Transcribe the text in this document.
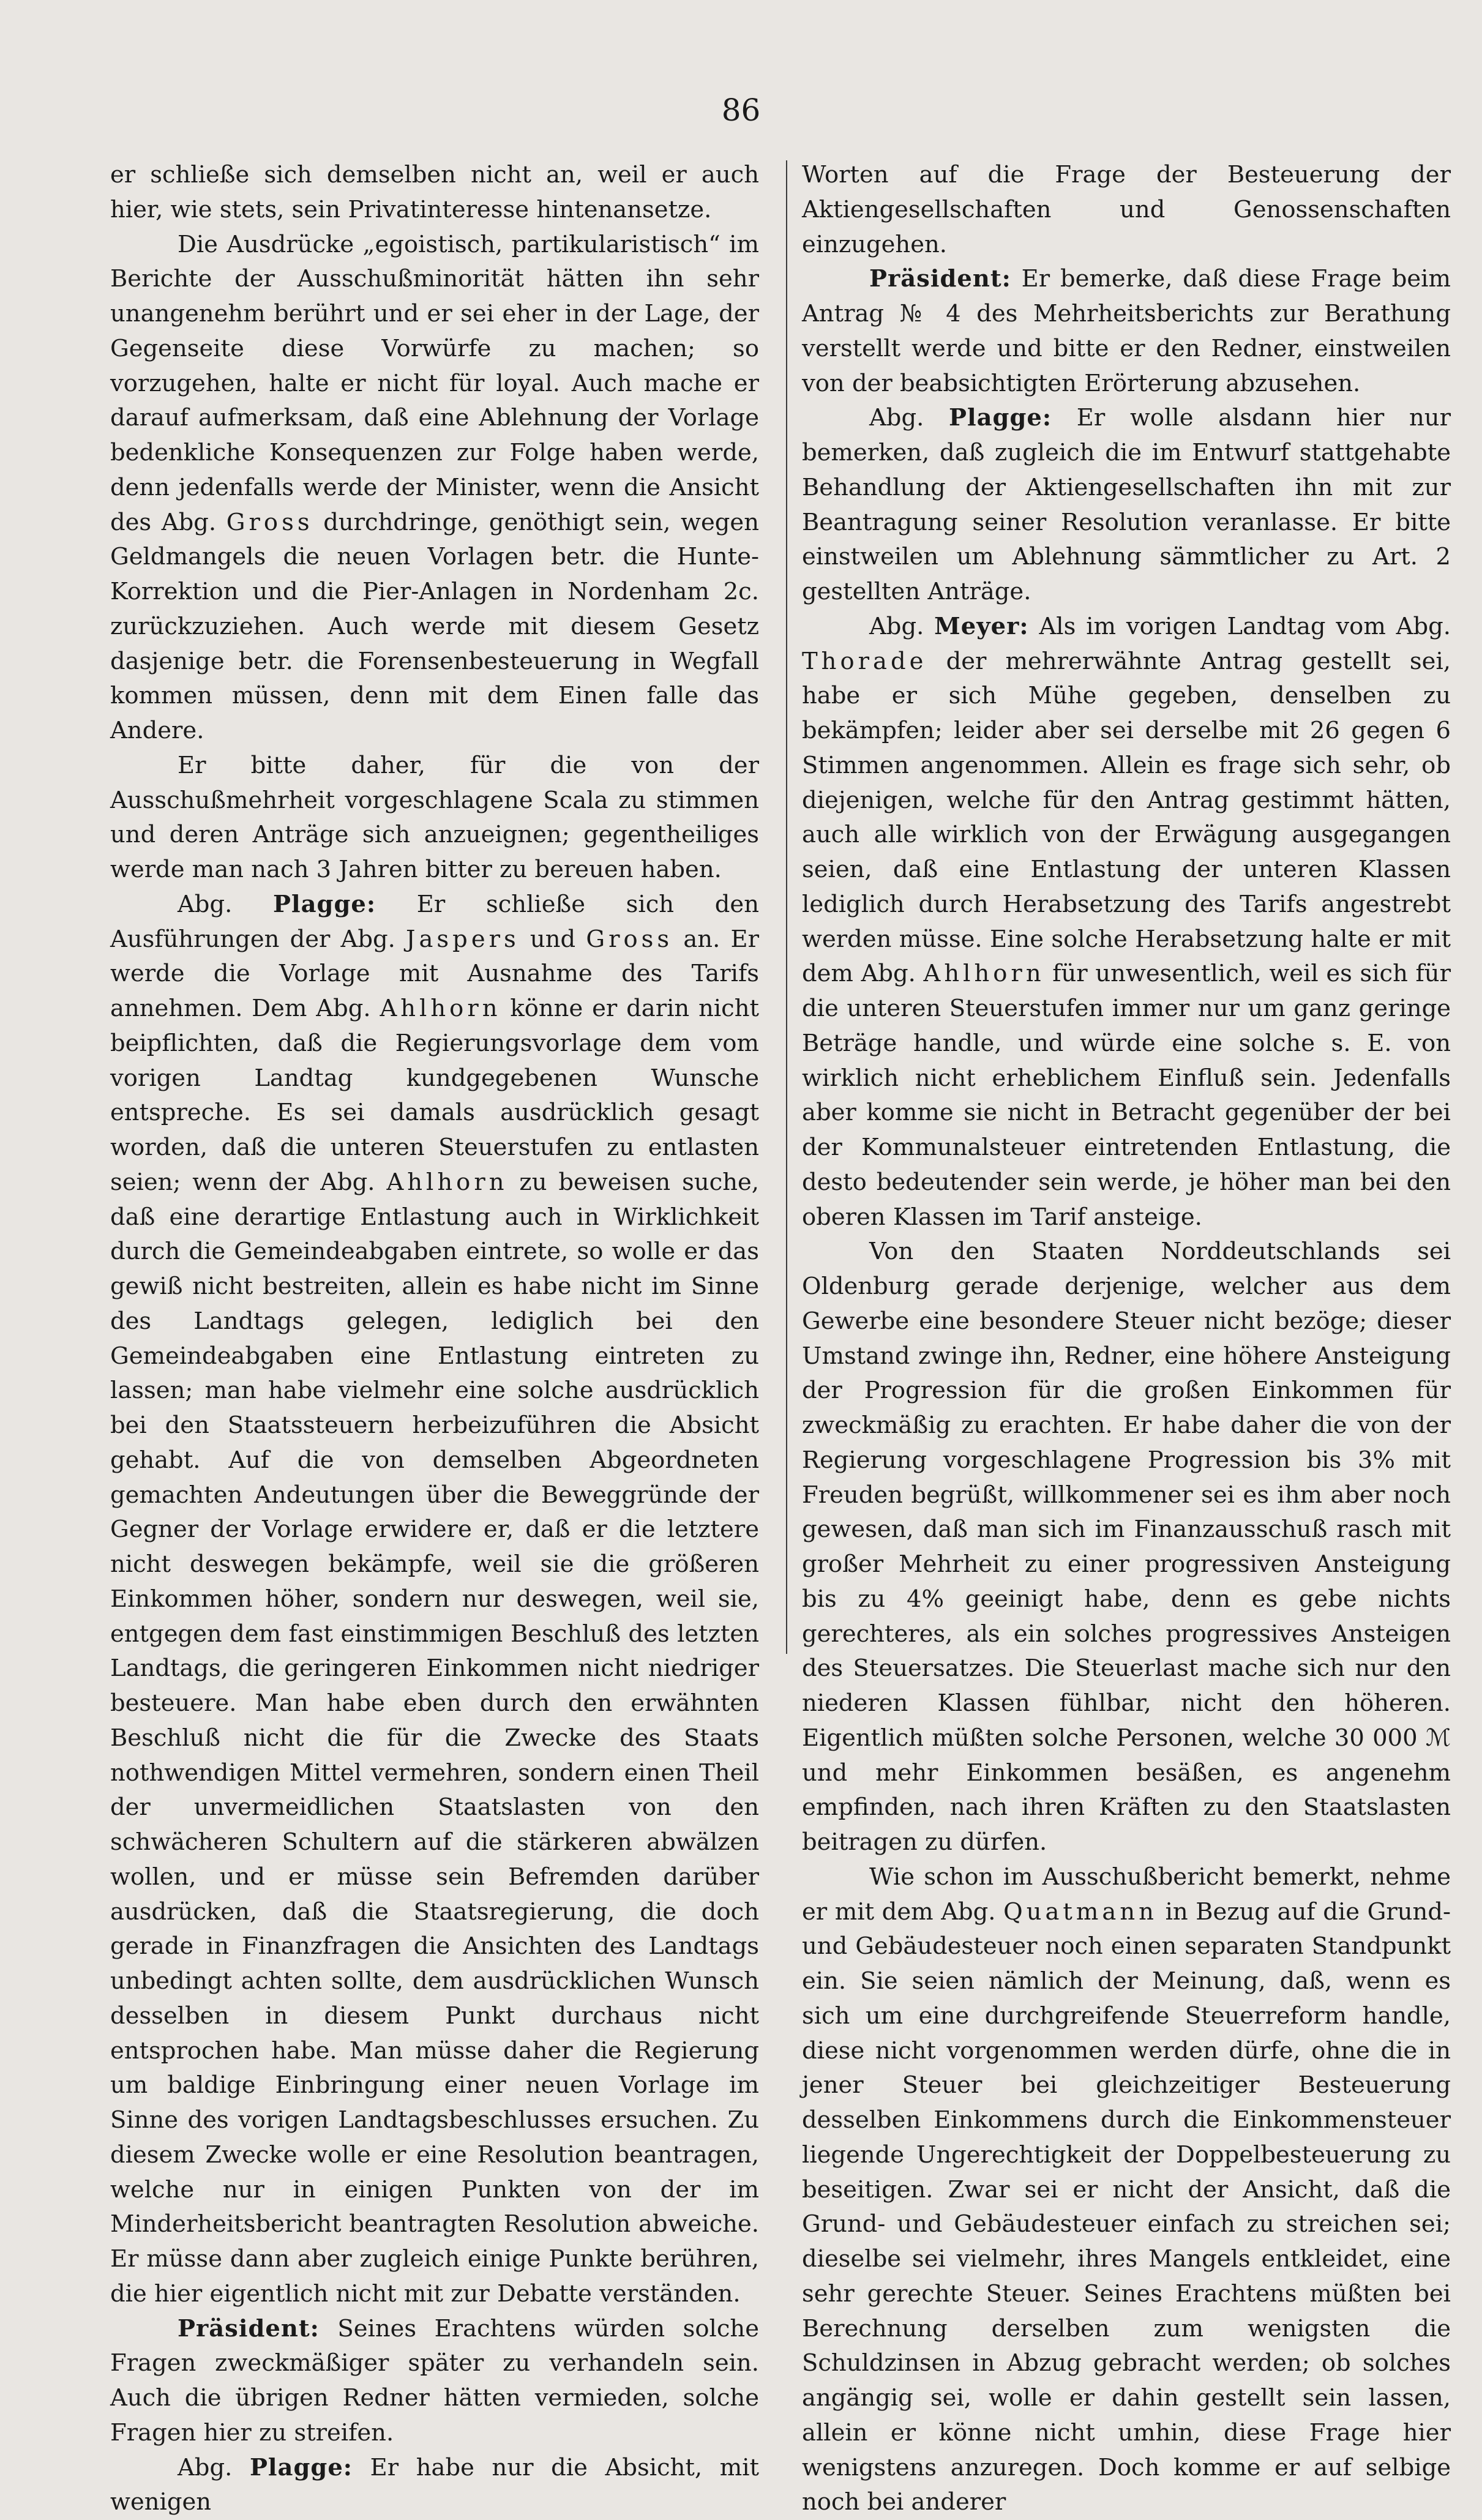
86

er schließe sich demselben nicht an, weil er auch hier, wie stets, sein Privatinteresse hintenansetze.

Die Ausdrücke „egoistisch, partikularistisch“ im Berichte der Ausschußminorität hätten ihn sehr unangenehm berührt und er sei eher in der Lage, der Gegenseite diese Vorwürfe zu machen; so vorzugehen, halte er nicht für loyal. Auch mache er darauf aufmerksam, daß eine Ablehnung der Vorlage bedenkliche Konsequenzen zur Folge haben werde, denn jedenfalls werde der Minister, wenn die Ansicht des Abg. Gross durchdringe, genöthigt sein, wegen Geldmangels die neuen Vorlagen betr. die Hunte-Korrektion und die Pier-Anlagen in Nordenham 2c. zurückzuziehen. Auch werde mit diesem Gesetz dasjenige betr. die Forensenbesteuerung in Wegfall kommen müssen, denn mit dem Einen falle das Andere.

Er bitte daher, für die von der Ausschußmehrheit vorgeschlagene Scala zu stimmen und deren Anträge sich anzueignen; gegentheiliges werde man nach 3 Jahren bitter zu bereuen haben.

Abg. Plagge: Er schließe sich den Ausführungen der Abg. Jaspers und Gross an. Er werde die Vorlage mit Ausnahme des Tarifs annehmen. Dem Abg. Ahlhorn könne er darin nicht beipflichten, daß die Regierungsvorlage dem vom vorigen Landtag kundgegebenen Wunsche entspreche. Es sei damals ausdrücklich gesagt worden, daß die unteren Steuerstufen zu entlasten seien; wenn der Abg. Ahlhorn zu beweisen suche, daß eine derartige Entlastung auch in Wirklichkeit durch die Gemeindeabgaben eintrete, so wolle er das gewiß nicht bestreiten, allein es habe nicht im Sinne des Landtags gelegen, lediglich bei den Gemeindeabgaben eine Entlastung eintreten zu lassen; man habe vielmehr eine solche ausdrücklich bei den Staatssteuern herbeizuführen die Absicht gehabt. Auf die von demselben Abgeordneten gemachten Andeutungen über die Beweggründe der Gegner der Vorlage erwidere er, daß er die letztere nicht deswegen bekämpfe, weil sie die größeren Einkommen höher, sondern nur deswegen, weil sie, entgegen dem fast einstimmigen Beschluß des letzten Landtags, die geringeren Einkommen nicht niedriger besteuere. Man habe eben durch den erwähnten Beschluß nicht die für die Zwecke des Staats nothwendigen Mittel vermehren, sondern einen Theil der unvermeidlichen Staatslasten von den schwächeren Schultern auf die stärkeren abwälzen wollen, und er müsse sein Befremden darüber ausdrücken, daß die Staatsregierung, die doch gerade in Finanzfragen die Ansichten des Landtags unbedingt achten sollte, dem ausdrücklichen Wunsch desselben in diesem Punkt durchaus nicht entsprochen habe. Man müsse daher die Regierung um baldige Einbringung einer neuen Vorlage im Sinne des vorigen Landtagsbeschlusses ersuchen. Zu diesem Zwecke wolle er eine Resolution beantragen, welche nur in einigen Punkten von der im Minderheitsbericht beantragten Resolution abweiche. Er müsse dann aber zugleich einige Punkte berühren, die hier eigentlich nicht mit zur Debatte verständen.

Präsident: Seines Erachtens würden solche Fragen zweckmäßiger später zu verhandeln sein. Auch die übrigen Redner hätten vermieden, solche Fragen hier zu streifen.

Abg. Plagge: Er habe nur die Absicht, mit wenigen

Worten auf die Frage der Besteuerung der Aktiengesellschaften und Genossenschaften einzugehen.

Präsident: Er bemerke, daß diese Frage beim Antrag № 4 des Mehrheitsberichts zur Berathung verstellt werde und bitte er den Redner, einstweilen von der beabsichtigten Erörterung abzusehen.

Abg. Plagge: Er wolle alsdann hier nur bemerken, daß zugleich die im Entwurf stattgehabte Behandlung der Aktiengesellschaften ihn mit zur Beantragung seiner Resolution veranlasse. Er bitte einstweilen um Ablehnung sämmtlicher zu Art. 2 gestellten Anträge.

Abg. Meyer: Als im vorigen Landtag vom Abg. Thorade der mehrerwähnte Antrag gestellt sei, habe er sich Mühe gegeben, denselben zu bekämpfen; leider aber sei derselbe mit 26 gegen 6 Stimmen angenommen. Allein es frage sich sehr, ob diejenigen, welche für den Antrag gestimmt hätten, auch alle wirklich von der Erwägung ausgegangen seien, daß eine Entlastung der unteren Klassen lediglich durch Herabsetzung des Tarifs angestrebt werden müsse. Eine solche Herabsetzung halte er mit dem Abg. Ahlhorn für unwesentlich, weil es sich für die unteren Steuerstufen immer nur um ganz geringe Beträge handle, und würde eine solche s. E. von wirklich nicht erheblichem Einfluß sein. Jedenfalls aber komme sie nicht in Betracht gegenüber der bei der Kommunalsteuer eintretenden Entlastung, die desto bedeutender sein werde, je höher man bei den oberen Klassen im Tarif ansteige.

Von den Staaten Norddeutschlands sei Oldenburg gerade derjenige, welcher aus dem Gewerbe eine besondere Steuer nicht bezöge; dieser Umstand zwinge ihn, Redner, eine höhere Ansteigung der Progression für die großen Einkommen für zweckmäßig zu erachten. Er habe daher die von der Regierung vorgeschlagene Progression bis 3% mit Freuden begrüßt, willkommener sei es ihm aber noch gewesen, daß man sich im Finanzausschuß rasch mit großer Mehrheit zu einer progressiven Ansteigung bis zu 4% geeinigt habe, denn es gebe nichts gerechteres, als ein solches progressives Ansteigen des Steuersatzes. Die Steuerlast mache sich nur den niederen Klassen fühlbar, nicht den höheren. Eigentlich müßten solche Personen, welche 30 000 ℳ und mehr Einkommen besäßen, es angenehm empfinden, nach ihren Kräften zu den Staatslasten beitragen zu dürfen.

Wie schon im Ausschußbericht bemerkt, nehme er mit dem Abg. Quatmann in Bezug auf die Grund- und Gebäudesteuer noch einen separaten Standpunkt ein. Sie seien nämlich der Meinung, daß, wenn es sich um eine durchgreifende Steuerreform handle, diese nicht vorgenommen werden dürfe, ohne die in jener Steuer bei gleichzeitiger Besteuerung desselben Einkommens durch die Einkommensteuer liegende Ungerechtigkeit der Doppelbesteuerung zu beseitigen. Zwar sei er nicht der Ansicht, daß die Grund- und Gebäudesteuer einfach zu streichen sei; dieselbe sei vielmehr, ihres Mangels entkleidet, eine sehr gerechte Steuer. Seines Erachtens müßten bei Berechnung derselben zum wenigsten die Schuldzinsen in Abzug gebracht werden; ob solches angängig sei, wolle er dahin gestellt sein lassen, allein er könne nicht umhin, diese Frage hier wenigstens anzuregen. Doch komme er auf selbige noch bei anderer
